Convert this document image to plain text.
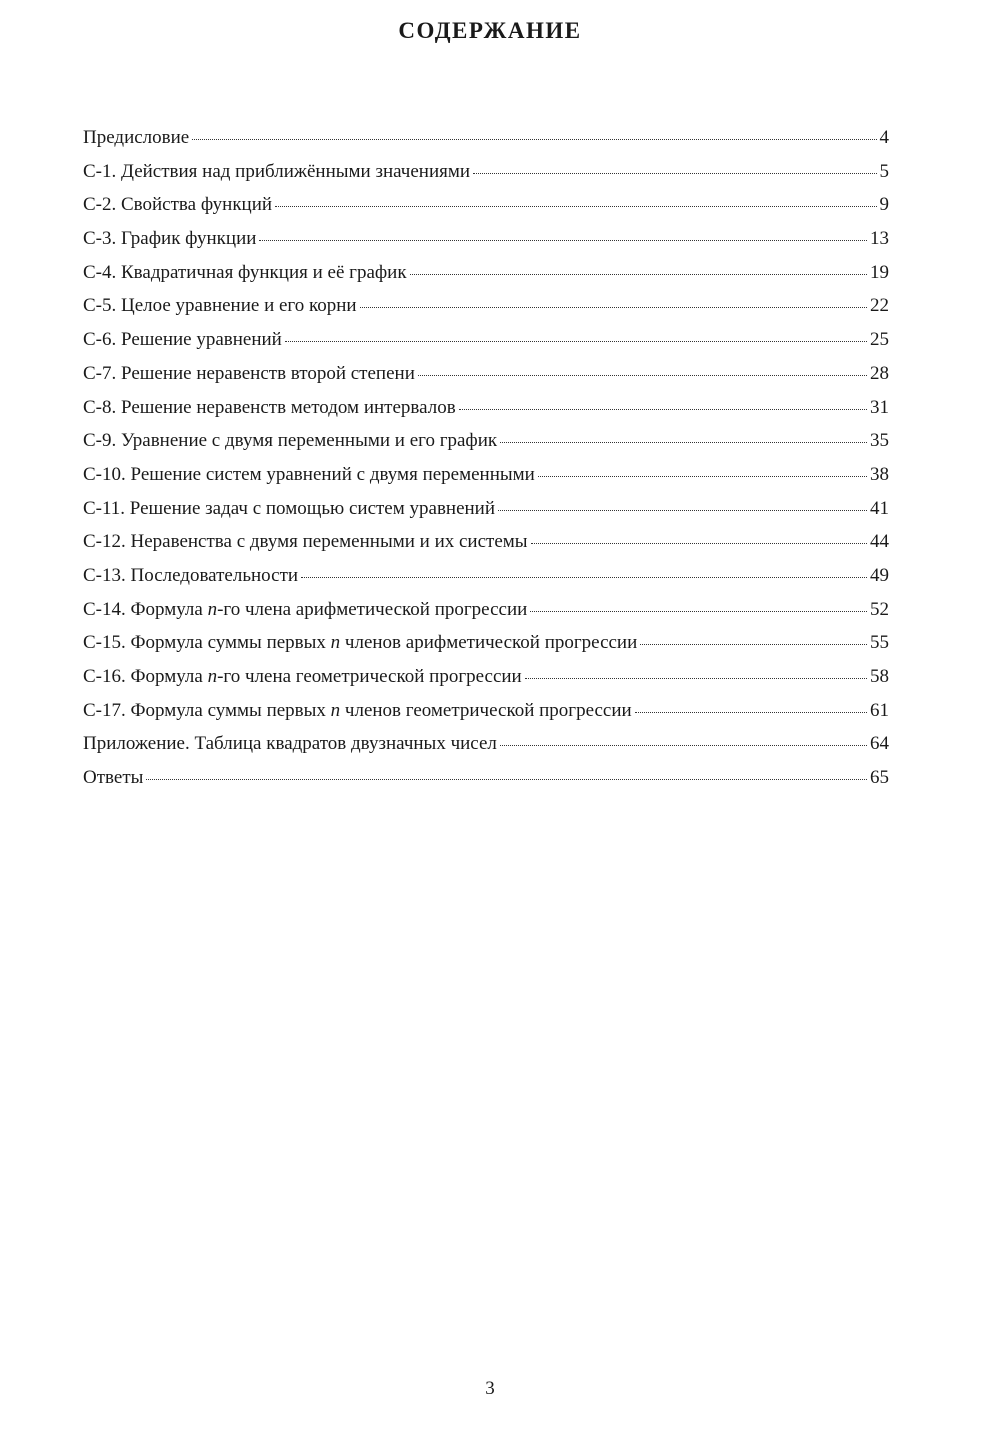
СОДЕРЖАНИЕ
Предисловие	4
С-1. Действия над приближёнными значениями	5
С-2. Свойства функций	9
С-3. График функции	13
С-4. Квадратичная функция и её график	19
С-5. Целое уравнение и его корни	22
С-6. Решение уравнений	25
С-7. Решение неравенств второй степени	28
С-8. Решение неравенств методом интервалов	31
С-9. Уравнение с двумя переменными и его график	35
С-10. Решение систем уравнений с двумя переменными	38
С-11. Решение задач с помощью систем уравнений	41
С-12. Неравенства с двумя переменными и их системы	44
С-13. Последовательности	49
С-14. Формула n-го члена арифметической прогрессии	52
С-15. Формула суммы первых n членов арифметической прогрессии	55
С-16. Формула n-го члена геометрической прогрессии	58
С-17. Формула суммы первых n членов геометрической прогрессии	61
Приложение. Таблица квадратов двузначных чисел	64
Ответы	65
3
